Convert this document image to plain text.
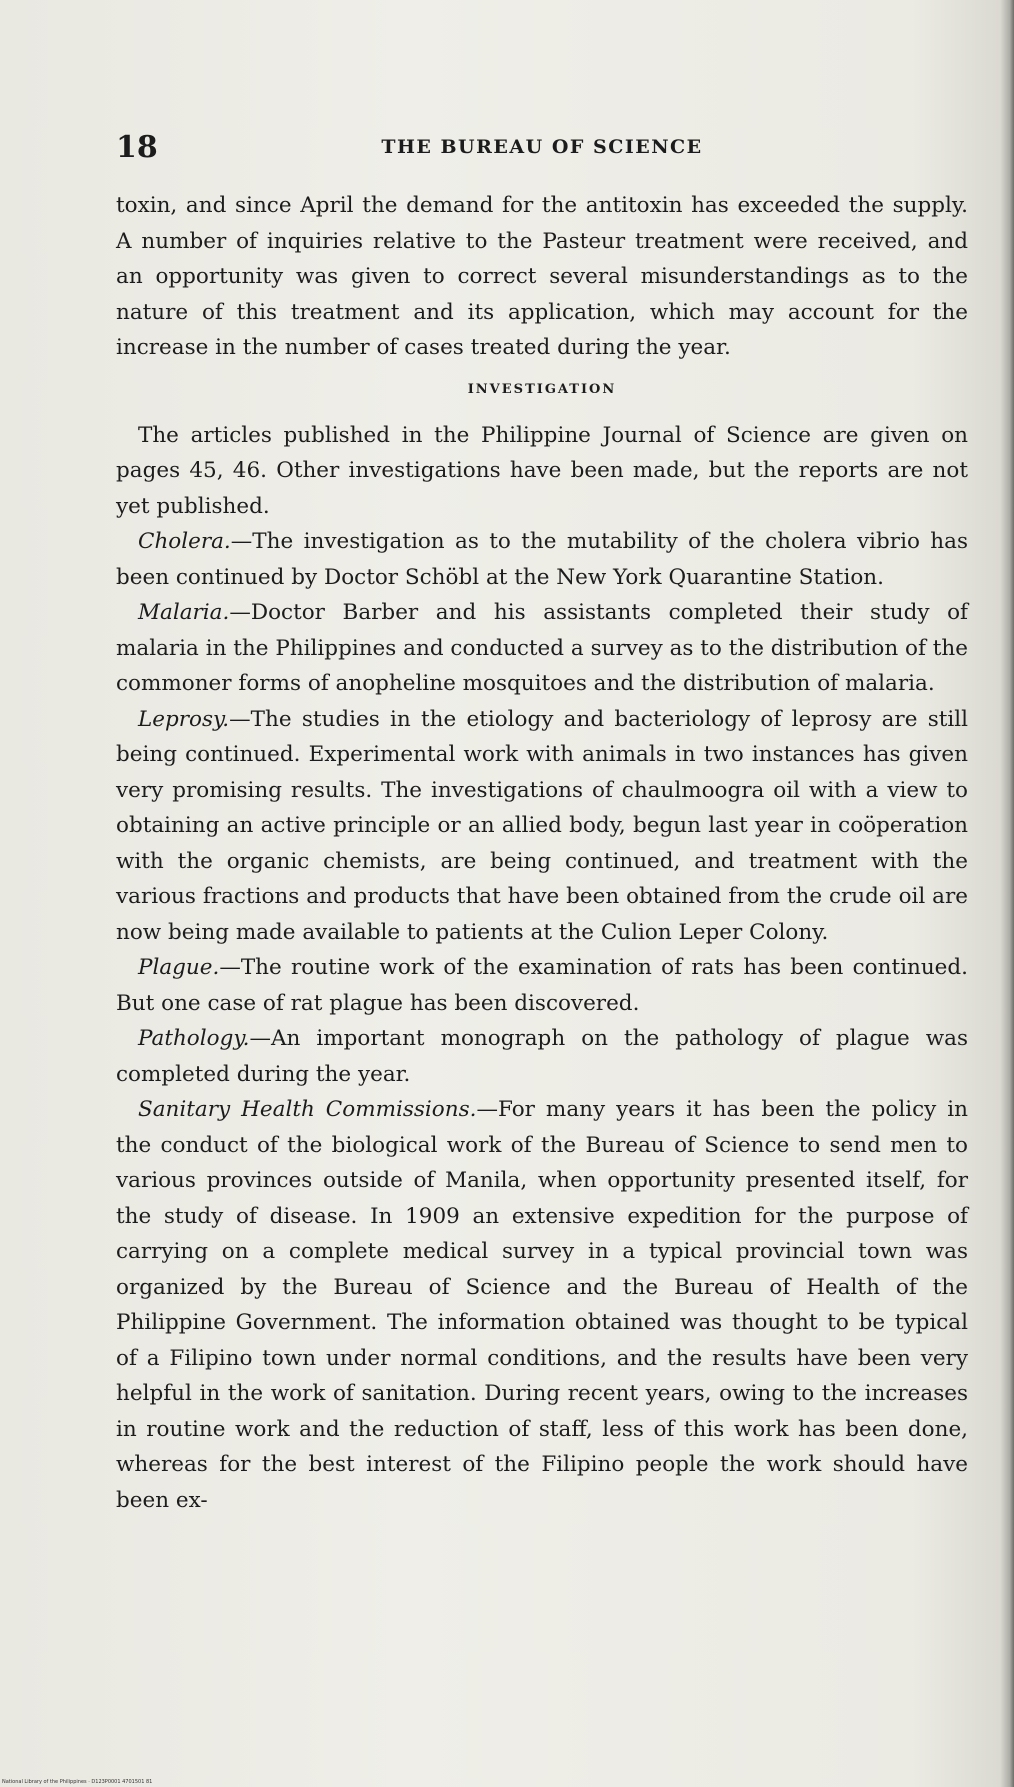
18	THE BUREAU OF SCIENCE

toxin, and since April the demand for the antitoxin has exceeded the supply. A number of inquiries relative to the Pasteur treatment were received, and an opportunity was given to correct several misunderstandings as to the nature of this treatment and its application, which may account for the increase in the number of cases treated during the year.

INVESTIGATION

The articles published in the Philippine Journal of Science are given on pages 45, 46. Other investigations have been made, but the reports are not yet published.

Cholera.—The investigation as to the mutability of the cholera vibrio has been continued by Doctor Schöbl at the New York Quarantine Station.

Malaria.—Doctor Barber and his assistants completed their study of malaria in the Philippines and conducted a survey as to the distribution of the commoner forms of anopheline mosquitoes and the distribution of malaria.

Leprosy.—The studies in the etiology and bacteriology of leprosy are still being continued. Experimental work with animals in two instances has given very promising results. The investigations of chaulmoogra oil with a view to obtaining an active principle or an allied body, begun last year in coöperation with the organic chemists, are being continued, and treatment with the various fractions and products that have been obtained from the crude oil are now being made available to patients at the Culion Leper Colony.

Plague.—The routine work of the examination of rats has been continued. But one case of rat plague has been discovered.

Pathology.—An important monograph on the pathology of plague was completed during the year.

Sanitary Health Commissions.—For many years it has been the policy in the conduct of the biological work of the Bureau of Science to send men to various provinces outside of Manila, when opportunity presented itself, for the study of disease. In 1909 an extensive expedition for the purpose of carrying on a complete medical survey in a typical provincial town was organized by the Bureau of Science and the Bureau of Health of the Philippine Government. The information obtained was thought to be typical of a Filipino town under normal conditions, and the results have been very helpful in the work of sanitation. During recent years, owing to the increases in routine work and the reduction of staff, less of this work has been done, whereas for the best interest of the Filipino people the work should have been ex-

National Library of the Philippines · D123P0001 4701501 81
